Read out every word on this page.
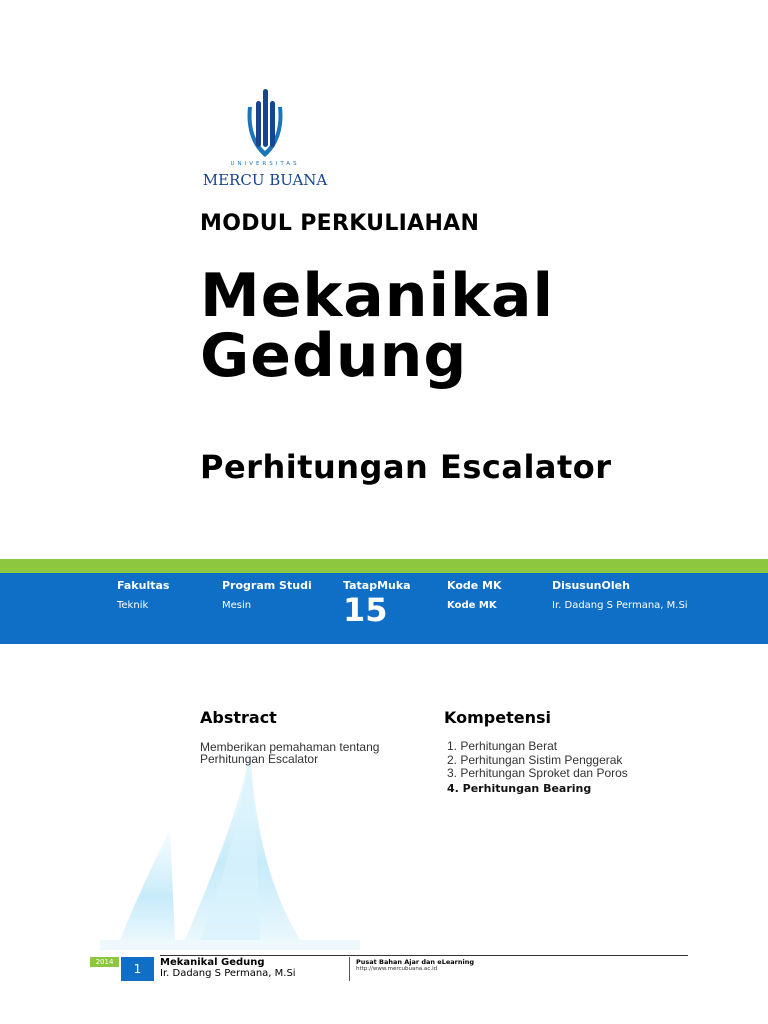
UNIVERSITAS
MERCU BUANA
MODUL PERKULIAHAN
Mekanikal
Gedung
Perhitungan Escalator
Fakultas
Teknik
Program Studi
Mesin
TatapMuka
15
Kode MK
Kode MK
DisusunOleh
Ir. Dadang S Permana, M.Si
Abstract
Memberikan pemahaman tentang Perhitungan Escalator
Kompetensi
1. Perhitungan Berat
2. Perhitungan Sistim Penggerak
3. Perhitungan Sproket dan Poros
4. Perhitungan Bearing
2014	1	Mekanikal Gedung
Ir. Dadang S Permana, M.Si
Pusat Bahan Ajar dan eLearning
http://www.mercubuana.ac.id
